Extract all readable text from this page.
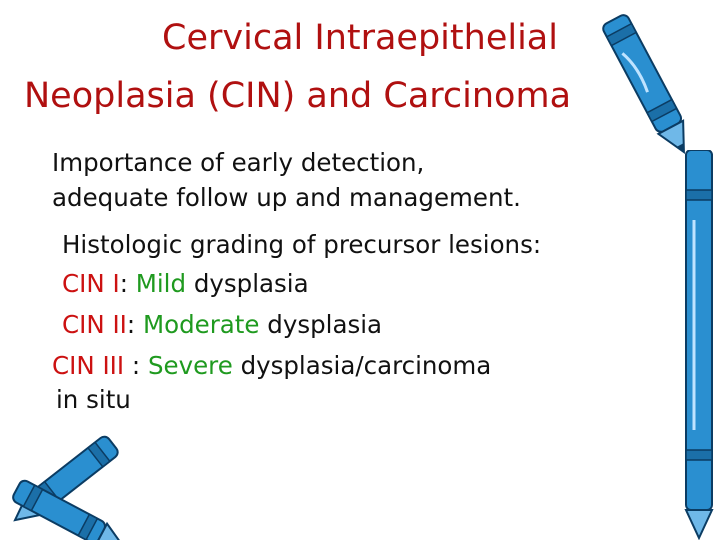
Cervical Intraepithelial
Neoplasia (CIN) and Carcinoma
Importance of early detection,
adequate follow up and management.
Histologic grading of precursor lesions:
CIN I: Mild dysplasia
CIN II: Moderate dysplasia
CIN III : Severe dysplasia/carcinoma
in situ
